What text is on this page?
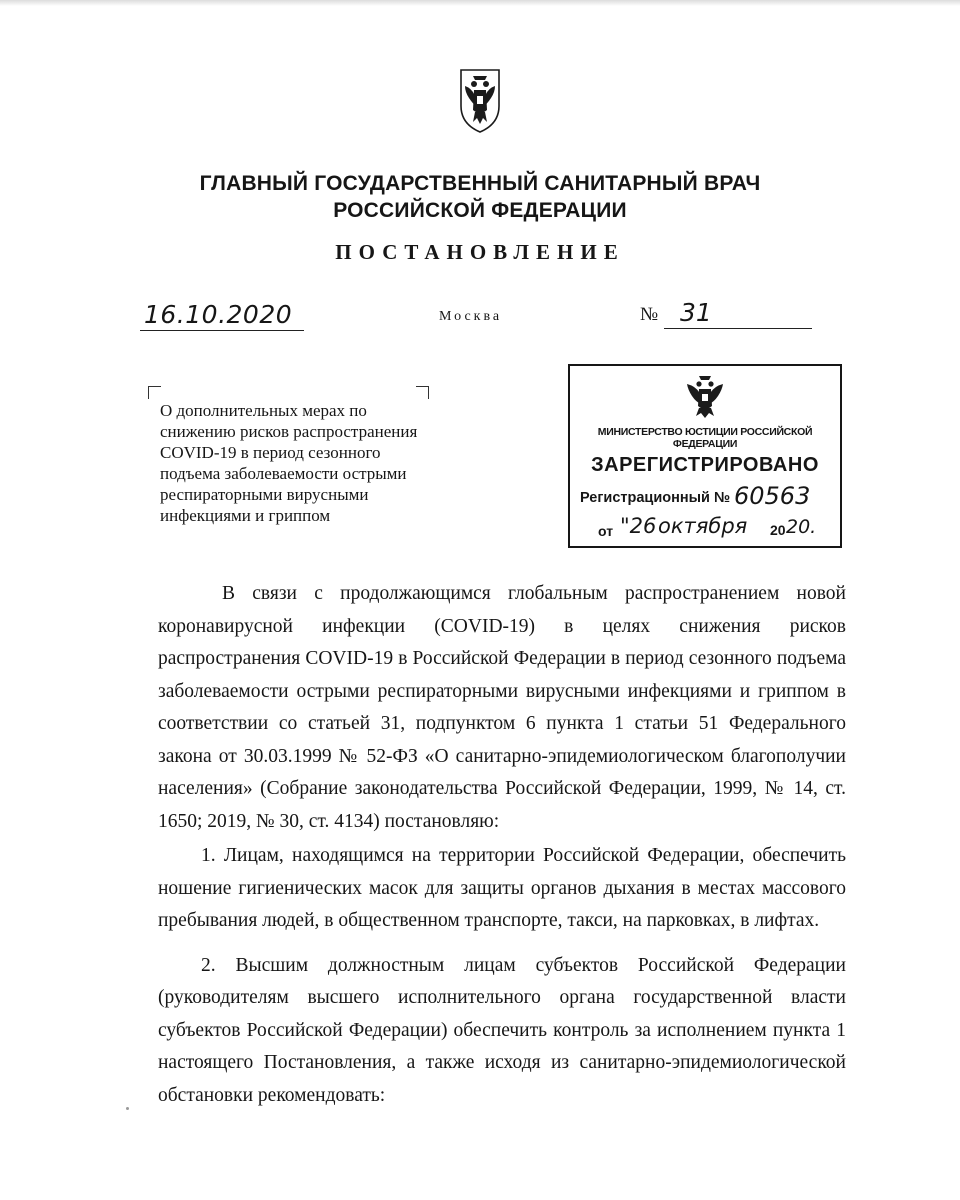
ГЛАВНЫЙ ГОСУДАРСТВЕННЫЙ САНИТАРНЫЙ ВРАЧ
РОССИЙСКОЙ ФЕДЕРАЦИИ
ПОСТАНОВЛЕНИЕ
16.10.2020	Москва	№ 31
О дополнительных мерах по
снижению рисков распространения
COVID-19 в период сезонного
подъема заболеваемости острыми
респираторными вирусными
инфекциями и гриппом
МИНИСТЕРСТВО ЮСТИЦИИ РОССИЙСКОЙ ФЕДЕРАЦИИ
ЗАРЕГИСТРИРОВАНО
Регистрационный № 60563
от "26 октября 20 20.

В связи с продолжающимся глобальным распространением новой коронавирусной инфекции (COVID-19) в целях снижения рисков распространения COVID-19 в Российской Федерации в период сезонного подъема заболеваемости острыми респираторными вирусными инфекциями и гриппом в соответствии со статьей 31, подпунктом 6 пункта 1 статьи 51 Федерального закона от 30.03.1999 № 52-ФЗ «О санитарно-эпидемиологическом благополучии населения» (Собрание законодательства Российской Федерации, 1999, № 14, ст. 1650; 2019, № 30, ст. 4134) постановляю:

1. Лицам, находящимся на территории Российской Федерации, обеспечить ношение гигиенических масок для защиты органов дыхания в местах массового пребывания людей, в общественном транспорте, такси, на парковках, в лифтах.

2. Высшим должностным лицам субъектов Российской Федерации (руководителям высшего исполнительного органа государственной власти субъектов Российской Федерации) обеспечить контроль за исполнением пункта 1 настоящего Постановления, а также исходя из санитарно-эпидемиологической обстановки рекомендовать:
